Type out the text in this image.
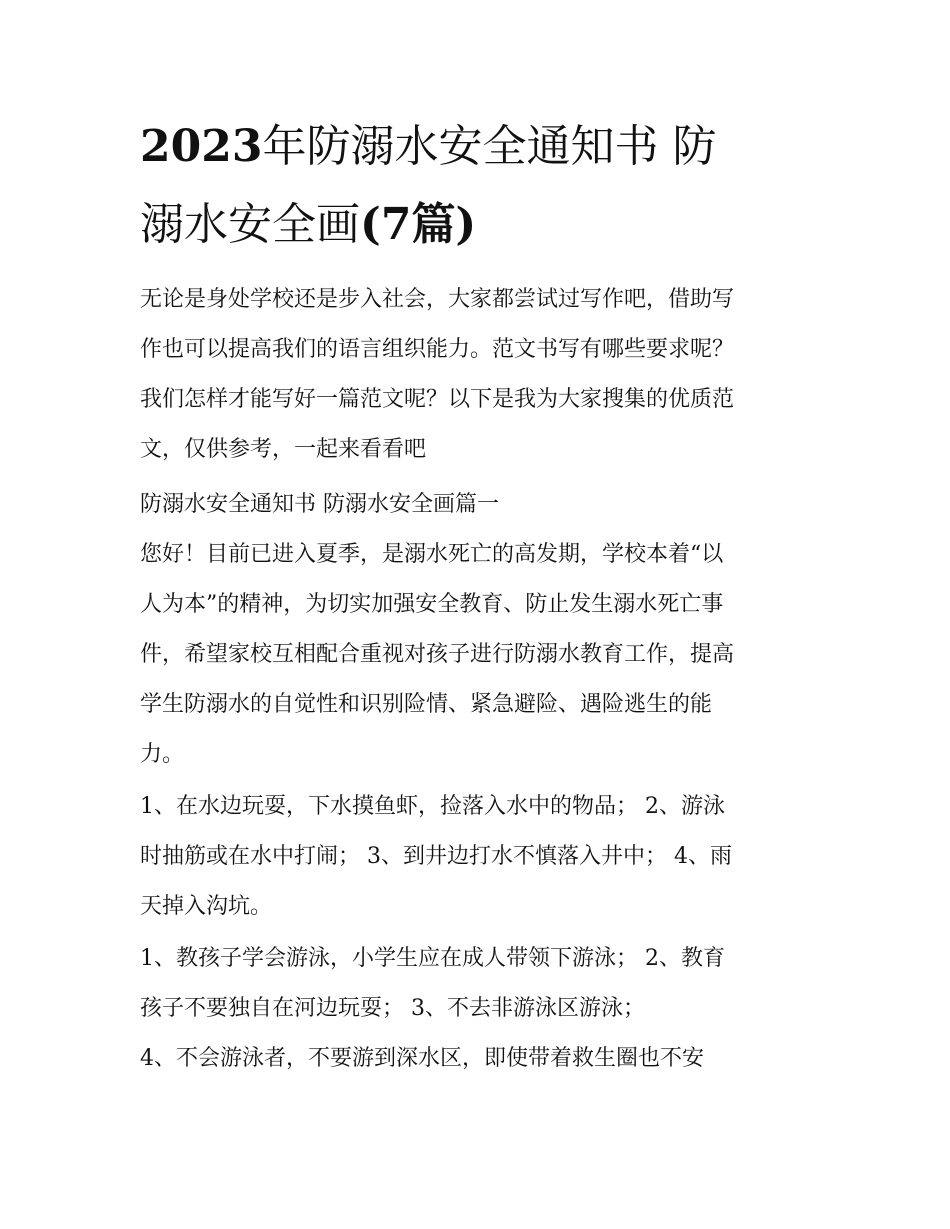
2023年防溺水安全通知书 防
溺水安全画(7篇)
无论是身处学校还是步入社会，大家都尝试过写作吧，借助写
作也可以提高我们的语言组织能力。范文书写有哪些要求呢？
我们怎样才能写好一篇范文呢？以下是我为大家搜集的优质范
文，仅供参考，一起来看看吧
防溺水安全通知书 防溺水安全画篇一
您好！目前已进入夏季，是溺水死亡的高发期，学校本着“以
人为本”的精神，为切实加强安全教育、防止发生溺水死亡事
件，希望家校互相配合重视对孩子进行防溺水教育工作，提高
学生防溺水的自觉性和识别险情、紧急避险、遇险逃生的能
力。
1、在水边玩耍，下水摸鱼虾，捡落入水中的物品； 2、游泳
时抽筋或在水中打闹； 3、到井边打水不慎落入井中； 4、雨
天掉入沟坑。
1、教孩子学会游泳，小学生应在成人带领下游泳； 2、教育
孩子不要独自在河边玩耍； 3、不去非游泳区游泳；
4、不会游泳者，不要游到深水区，即使带着救生圈也不安
